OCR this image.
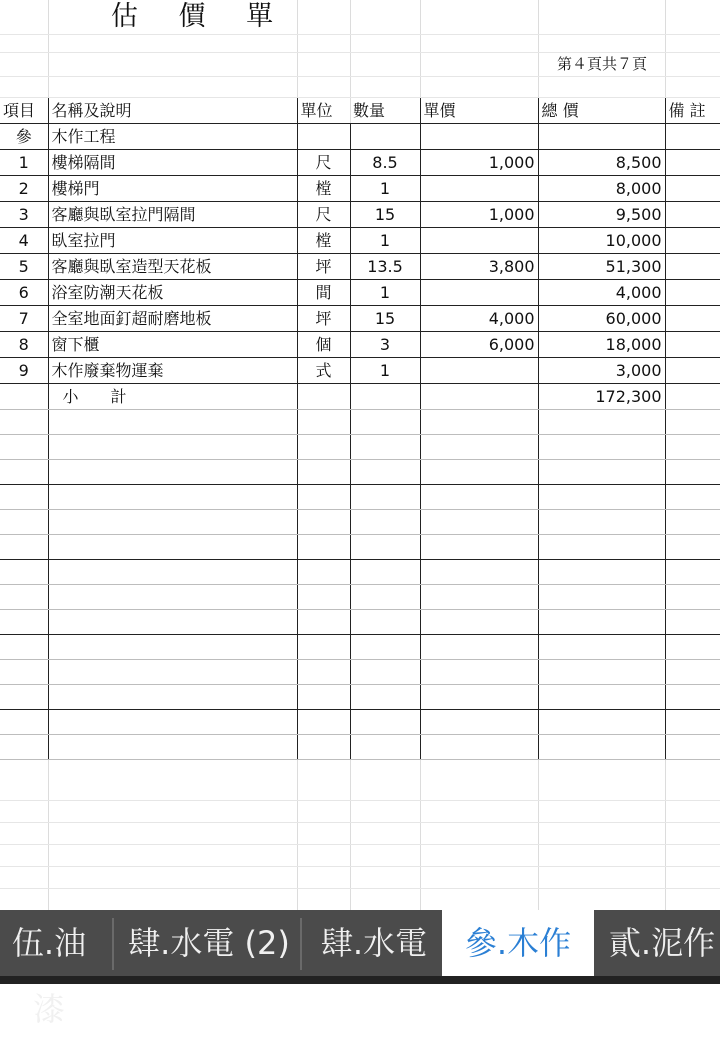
估 價 單
第４頁共７頁
項目	名稱及說明	單位	數量	單價	總 價	備 註
參	木作工程					
1	樓梯隔間	尺	8.5	1,000	8,500	
2	樓梯門	樘	1		8,000	
3	客廳與臥室拉門隔間	尺	15	1,000	9,500	
4	臥室拉門	樘	1		10,000	
5	客廳與臥室造型天花板	坪	13.5	3,800	51,300	
6	浴室防潮天花板	間	1		4,000	
7	全室地面釘超耐磨地板	坪	15	4,000	60,000	
8	窗下櫃	個	3	6,000	18,000	
9	木作廢棄物運棄	式	1		3,000	
	小　　計				172,300	

伍.油漆
肆.水電 (2) 肆.水電	參.木作	貳.泥作
